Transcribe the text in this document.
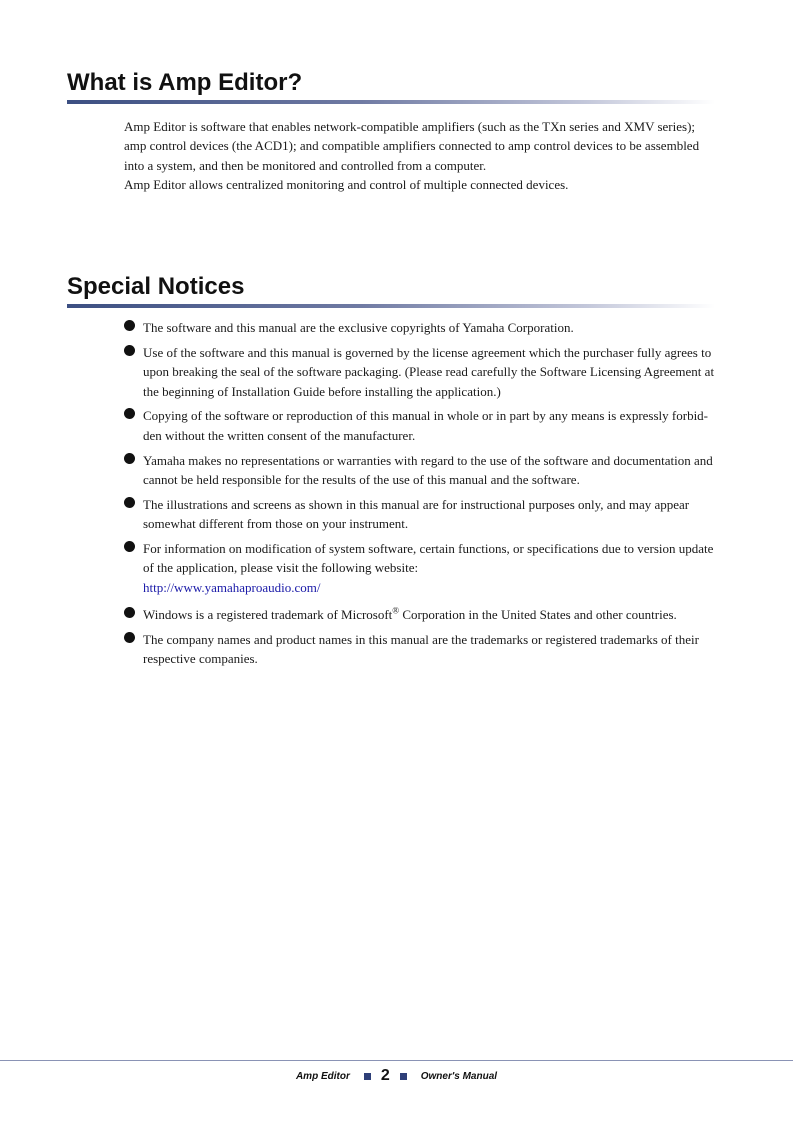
What is Amp Editor?

Amp Editor is software that enables network-compatible amplifiers (such as the TXn series and XMV series);

amp control devices (the ACD1); and compatible amplifiers connected to amp control devices to be assembled

into a system, and then be monitored and controlled from a computer.

Amp Editor allows centralized monitoring and control of multiple connected devices.

Special Notices
The software and this manual are the exclusive copyrights of Yamaha Corporation.
Use of the software and this manual is governed by the license agreement which the purchaser fully agrees to upon breaking the seal of the software packaging. (Please read carefully the Software Licensing Agreement at the beginning of Installation Guide before installing the application.)
Copying of the software or reproduction of this manual in whole or in part by any means is expressly forbid-den without the written consent of the manufacturer.
Yamaha makes no representations or warranties with regard to the use of the software and documentation and cannot be held responsible for the results of the use of this manual and the software.
The illustrations and screens as shown in this manual are for instructional purposes only, and may appear somewhat different from those on your instrument.
For information on modification of system software, certain functions, or specifications due to version update of the application, please visit the following website:
http://www.yamahaproaudio.com/
Windows is a registered trademark of Microsoft® Corporation in the United States and other countries.
The company names and product names in this manual are the trademarks or registered trademarks of their respective companies.
Amp Editor 2	Owner's Manual
